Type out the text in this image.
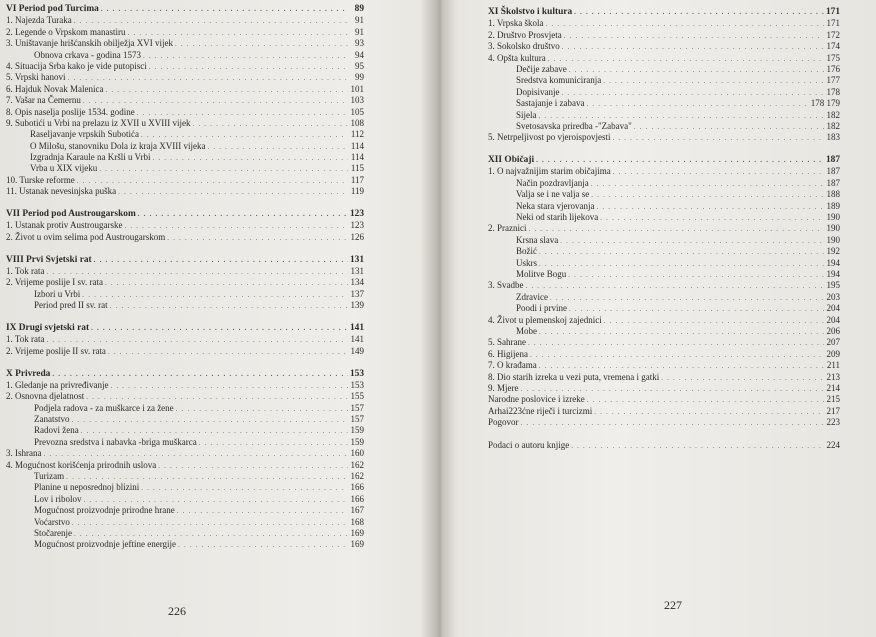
VI Period pod Turcima . . .	89
1. Najezda Turaka . . .	91
2. Legende o Vrpskom manastiru . . .	91
3. Uništavanje hrišćanskih obilježja XVI vijek . . .	93
Obnova crkava - godina 1573 . . .	94
4. Situacija Srba kako je vide putopisci . . .	95
5. Vrpski hanovi . . .	99
6. Hajduk Novak Malenica . . .	101
7. Vašar na Čemernu . . .	103
8. Opis naselja poslije 1534. godine . . .	105
9. Subotići u Vrbi na prelazu iz XVII u XVIII vijek . . .	108
Raseljavanje vrpskih Subotića . . .	112
O Milošu, stanovniku Dola iz kraja XVIII vijeka . . .	114
Izgradnja Karaule na Kršli u Vrbi . . .	114
Vrba u XIX vijeku . . .	115
10. Turske reforme . . .	117
11. Ustanak nevesinjska puška . . .	119
VII Period pod Austrougarskom . . .	123
1. Ustanak protiv Austrougarske . . .	123
2. Život u ovim selima pod Austrougarskom . . .	126
VIII Prvi Svjetski rat . . .	131
1. Tok rata . . .	131
2. Vrijeme poslije I sv. rata . . .	134
Izbori u Vrbi . . .	137
Period pred II sv. rat . . .	139
IX Drugi svjetski rat . . .	141
1. Tok rata . . .	141
2. Vrijeme poslije II sv. rata . . .	149
X Privreda . . .	153
1. Gledanje na privređivanje . . .	153
2. Osnovna djelatnost . . .	155
Podjela radova - za muškarce i za žene . . .	157
Zanatstvo . . .	157
Radovi žena . . .	159
Prevozna sredstva i nabavka -briga muškarca . . .	159
3. Ishrana . . .	160
4. Mogućnost korišćenja prirodnih uslova . . .	162
Turizam . . .	162
Planine u neposrednoj blizini . . .	166
Lov i ribolov . . .	166
Mogućnost proizvodnje prirodne hrane . . .	167
Voćarstvo . . .	168
Stočarenje . . .	169
Mogućnost proizvodnje jeftine energije . . .	169
226
XI Školstvo i kultura . . .	171
1. Vrpska škola . . .	171
2. Društvo Prosvjeta . . .	172
3. Sokolsko društvo . . .	174
4. Opšta kultura . . .	175
Dečije zabave . . .	176
Sredstva komuniciranja . . .	177
Dopisivanje . . .	178
Sastajanje i zabava . . .	178 179
Sijela . . .	182
Svetosavska priredba -"Zabava" . . .	182
5. Netrpeljivost po vjeroispovjesti . . .	183
XII Običaji . . .	187
1. O najvažnijim starim običajima . . .	187
Način pozdravljanja . . .	187
Valja se i ne valja se . . .	188
Neka stara vjerovanja . . .	189
Neki od starih lijekova . . .	190
2. Praznici . . .	190
Krsna slava . . .	190
Božić . . .	192
Uskrs . . .	194
Molitve Bogu . . .	194
3. Svadbe . . .	195
Zdravice . . .	203
Poodi i prvine . . .	204
4. Život u plemenskoj zajednici . . .	204
Mobe . . .	206
5. Sahrane . . .	207
6. Higijena . . .	209
7. O krađama . . .	211
8. Dio starih izreka u vezi puta, vremena i gatki . . .	213
9. Mjere . . .	214
Narodne poslovice i izreke . . .	215
Arhai223ćne riječi i turcizmi . . .	217
Pogovor . . .	223
Podaci o autoru knjige . . .	224
227
